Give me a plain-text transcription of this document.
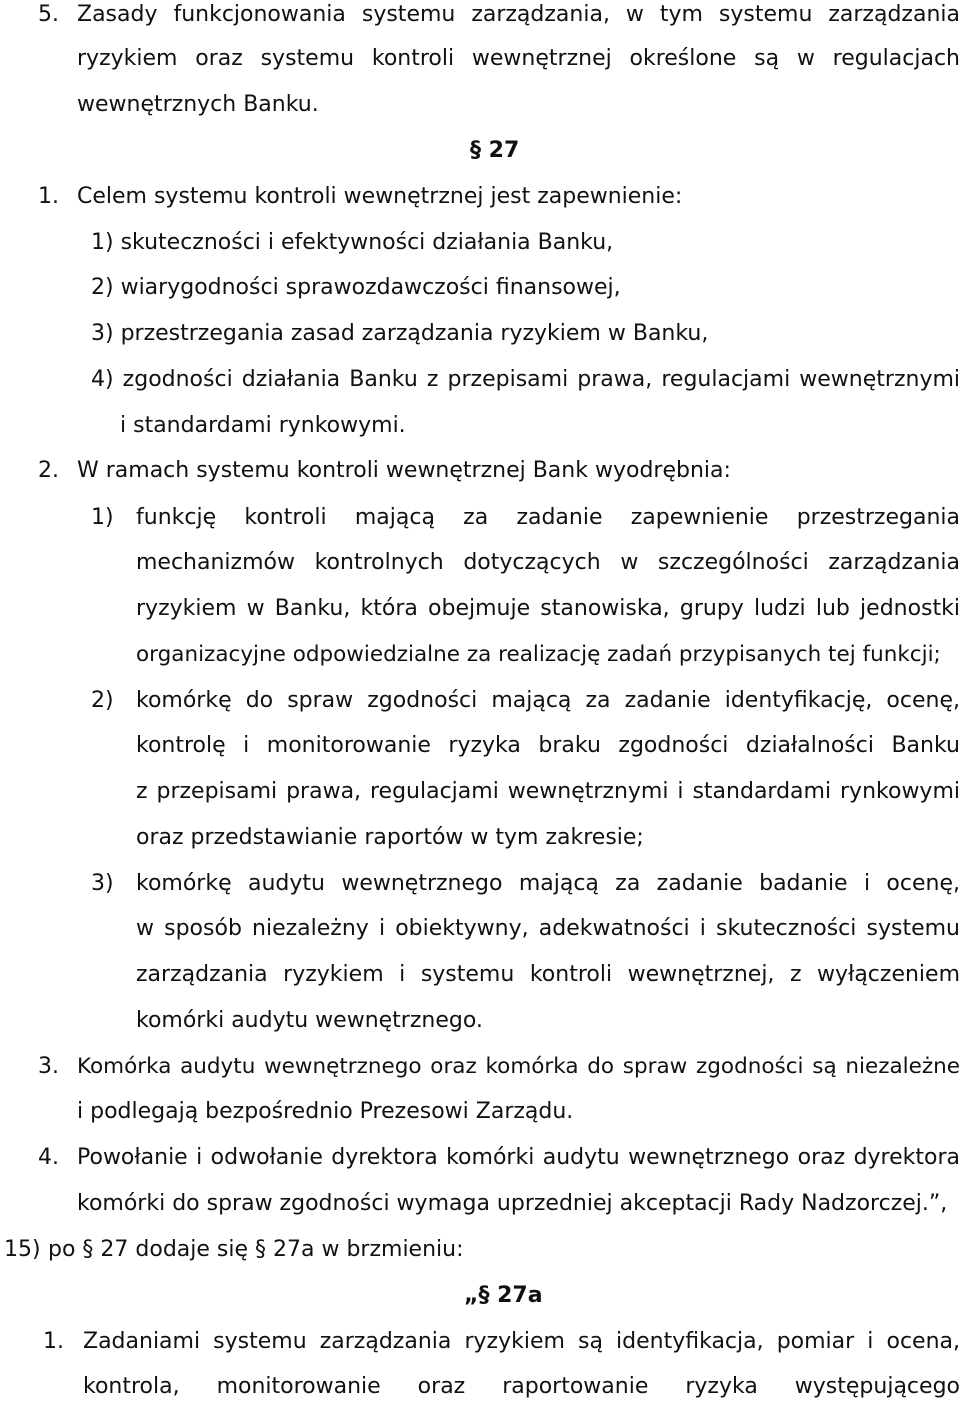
5. Zasady funkcjonowania systemu zarządzania, w tym systemu zarządzania
ryzykiem oraz systemu kontroli wewnętrznej określone są w regulacjach
wewnętrznych Banku.
§ 27
1. Celem systemu kontroli wewnętrznej jest zapewnienie:
1) skuteczności i efektywności działania Banku,
2) wiarygodności sprawozdawczości finansowej,
3) przestrzegania zasad zarządzania ryzykiem w Banku,
4) zgodności działania Banku z przepisami prawa, regulacjami wewnętrznymi
i standardami rynkowymi.
2. W ramach systemu kontroli wewnętrznej Bank wyodrębnia:
1) funkcję kontroli mającą za zadanie zapewnienie przestrzegania
mechanizmów kontrolnych dotyczących w szczególności zarządzania
ryzykiem w Banku, która obejmuje stanowiska, grupy ludzi lub jednostki
organizacyjne odpowiedzialne za realizację zadań przypisanych tej funkcji;
2) komórkę do spraw zgodności mającą za zadanie identyfikację, ocenę,
kontrolę i monitorowanie ryzyka braku zgodności działalności Banku
z przepisami prawa, regulacjami wewnętrznymi i standardami rynkowymi
oraz przedstawianie raportów w tym zakresie;
3) komórkę audytu wewnętrznego mającą za zadanie badanie i ocenę,
w sposób niezależny i obiektywny, adekwatności i skuteczności systemu
zarządzania ryzykiem i systemu kontroli wewnętrznej, z wyłączeniem
komórki audytu wewnętrznego.
3. Komórka audytu wewnętrznego oraz komórka do spraw zgodności są niezależne
i podlegają bezpośrednio Prezesowi Zarządu.
4. Powołanie i odwołanie dyrektora komórki audytu wewnętrznego oraz dyrektora
komórki do spraw zgodności wymaga uprzedniej akceptacji Rady Nadzorczej.”,
15) po § 27 dodaje się § 27a w brzmieniu:
„§ 27a
1. Zadaniami systemu zarządzania ryzykiem są identyfikacja, pomiar i ocena,
kontrola, monitorowanie oraz raportowanie ryzyka występującego
